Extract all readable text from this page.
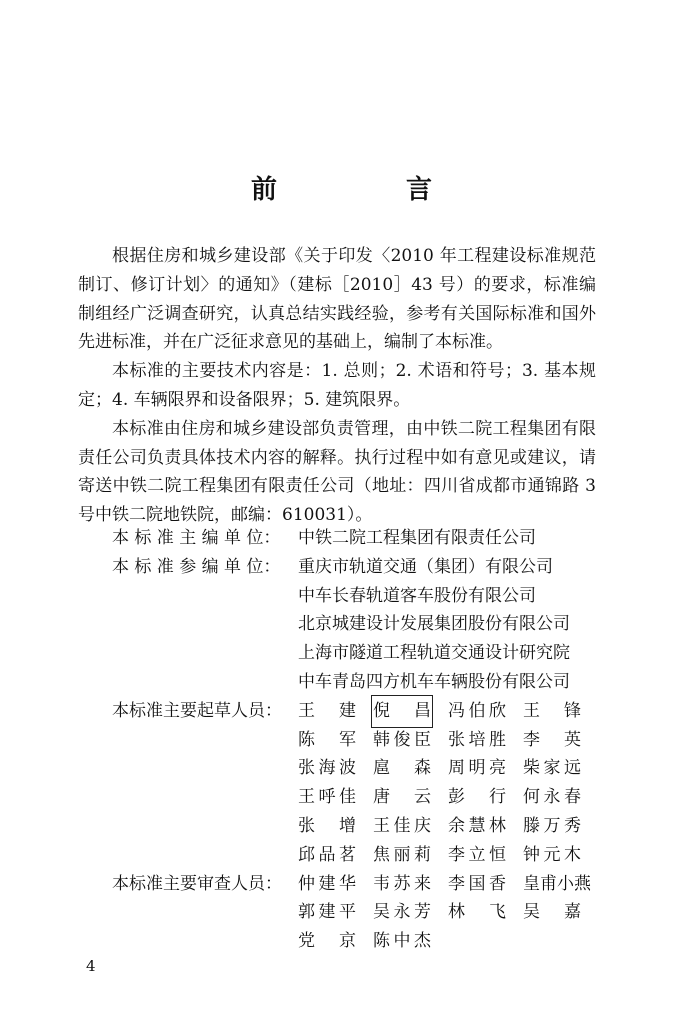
前 言

根据住房和城乡建设部《关于印发〈2010 年工程建设标准规范制订、修订计划〉的通知》（建标［2010］43 号）的要求，标准编制组经广泛调查研究，认真总结实践经验，参考有关国际标准和国外先进标准，并在广泛征求意见的基础上，编制了本标准。

本标准的主要技术内容是：1. 总则；2. 术语和符号；3. 基本规定；4. 车辆限界和设备限界；5. 建筑限界。

本标准由住房和城乡建设部负责管理，由中铁二院工程集团有限责任公司负责具体技术内容的解释。执行过程中如有意见或建议，请寄送中铁二院工程集团有限责任公司（地址：四川省成都市通锦路 3 号中铁二院地铁院，邮编：610031）。

本 标 准 主 编 单 位：	中铁二院工程集团有限责任公司
本 标 准 参 编 单 位：	重庆市轨道交通（集团）有限公司
中车长春轨道客车股份有限公司
北京城建设计发展集团股份有限公司
上海市隧道工程轨道交通设计研究院
中车青岛四方机车车辆股份有限公司
本标准主要起草人员： 王 建	倪 昌	冯伯欣	王 锋
陈 军	韩俊臣	张培胜	李 英
张海波	扈 森	周明亮	柴家远
王呼佳	唐 云	彭 行	何永春
张 增	王佳庆	余慧林	滕万秀
邱品茗	焦丽莉	李立恒	钟元木
本标准主要审查人员： 仲建华	韦苏来	李国香	皇甫小燕
郭建平	吴永芳	林 飞	吴 嘉
党 京	陈中杰
4
